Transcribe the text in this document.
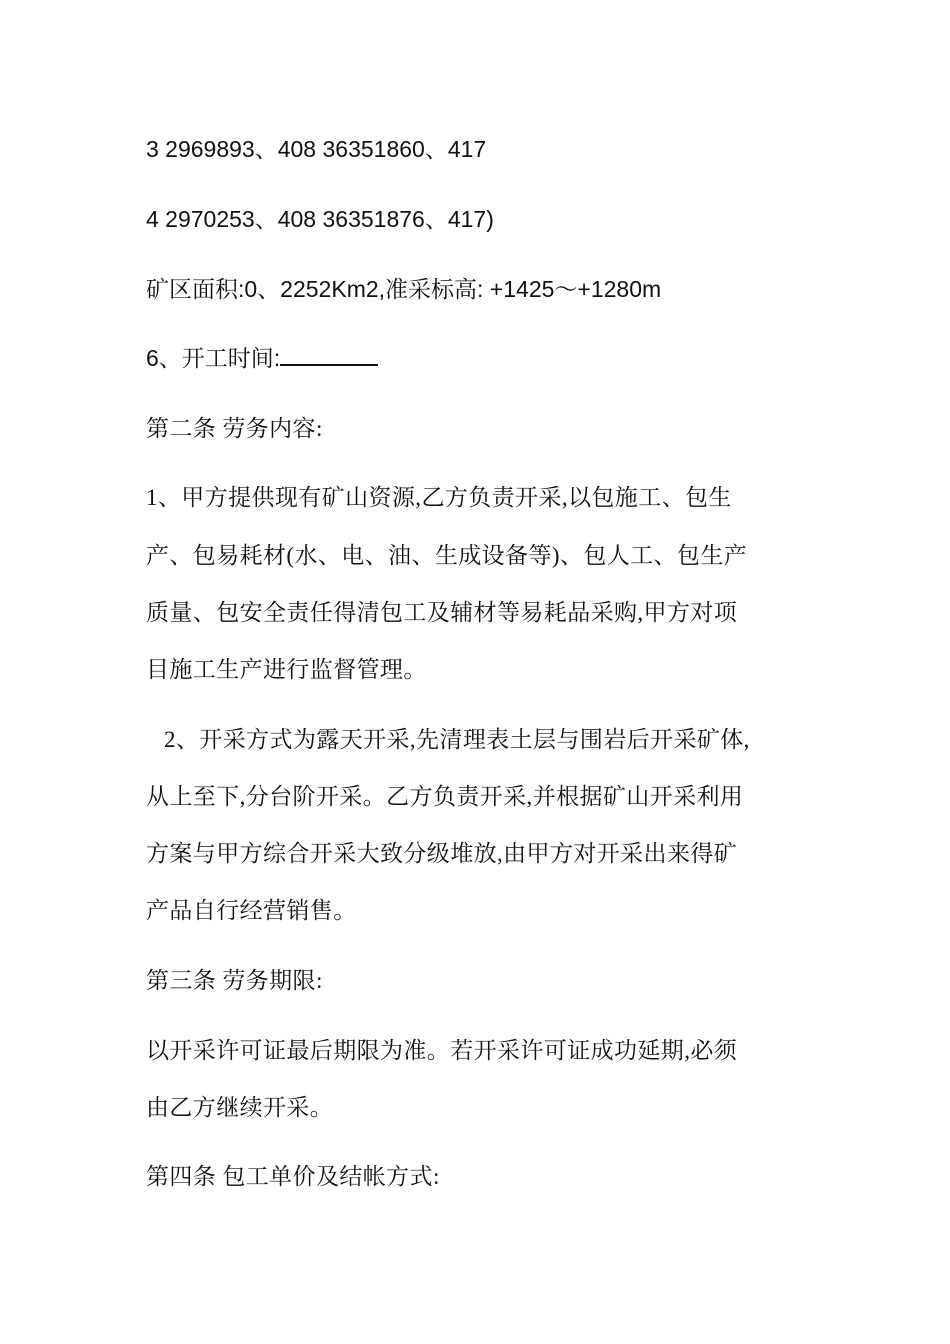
3 2969893、408 36351860、417
4 2970253、408 36351876、417)
矿区面积:0、2252Km2,准采标高: +1425～+1280m
6、开工时间:
第二条 劳务内容:
1、甲方提供现有矿山资源,乙方负责开采,以包施工、包生
产、包易耗材(水、电、油、生成设备等)、包人工、包生产
质量、包安全责任得清包工及辅材等易耗品采购,甲方对项
目施工生产进行监督管理。
2、开采方式为露天开采,先清理表土层与围岩后开采矿体,
从上至下,分台阶开采。乙方负责开采,并根据矿山开采利用
方案与甲方综合开采大致分级堆放,由甲方对开采出来得矿
产品自行经营销售。
第三条 劳务期限:
以开采许可证最后期限为准。若开采许可证成功延期,必须
由乙方继续开采。
第四条 包工单价及结帐方式:
